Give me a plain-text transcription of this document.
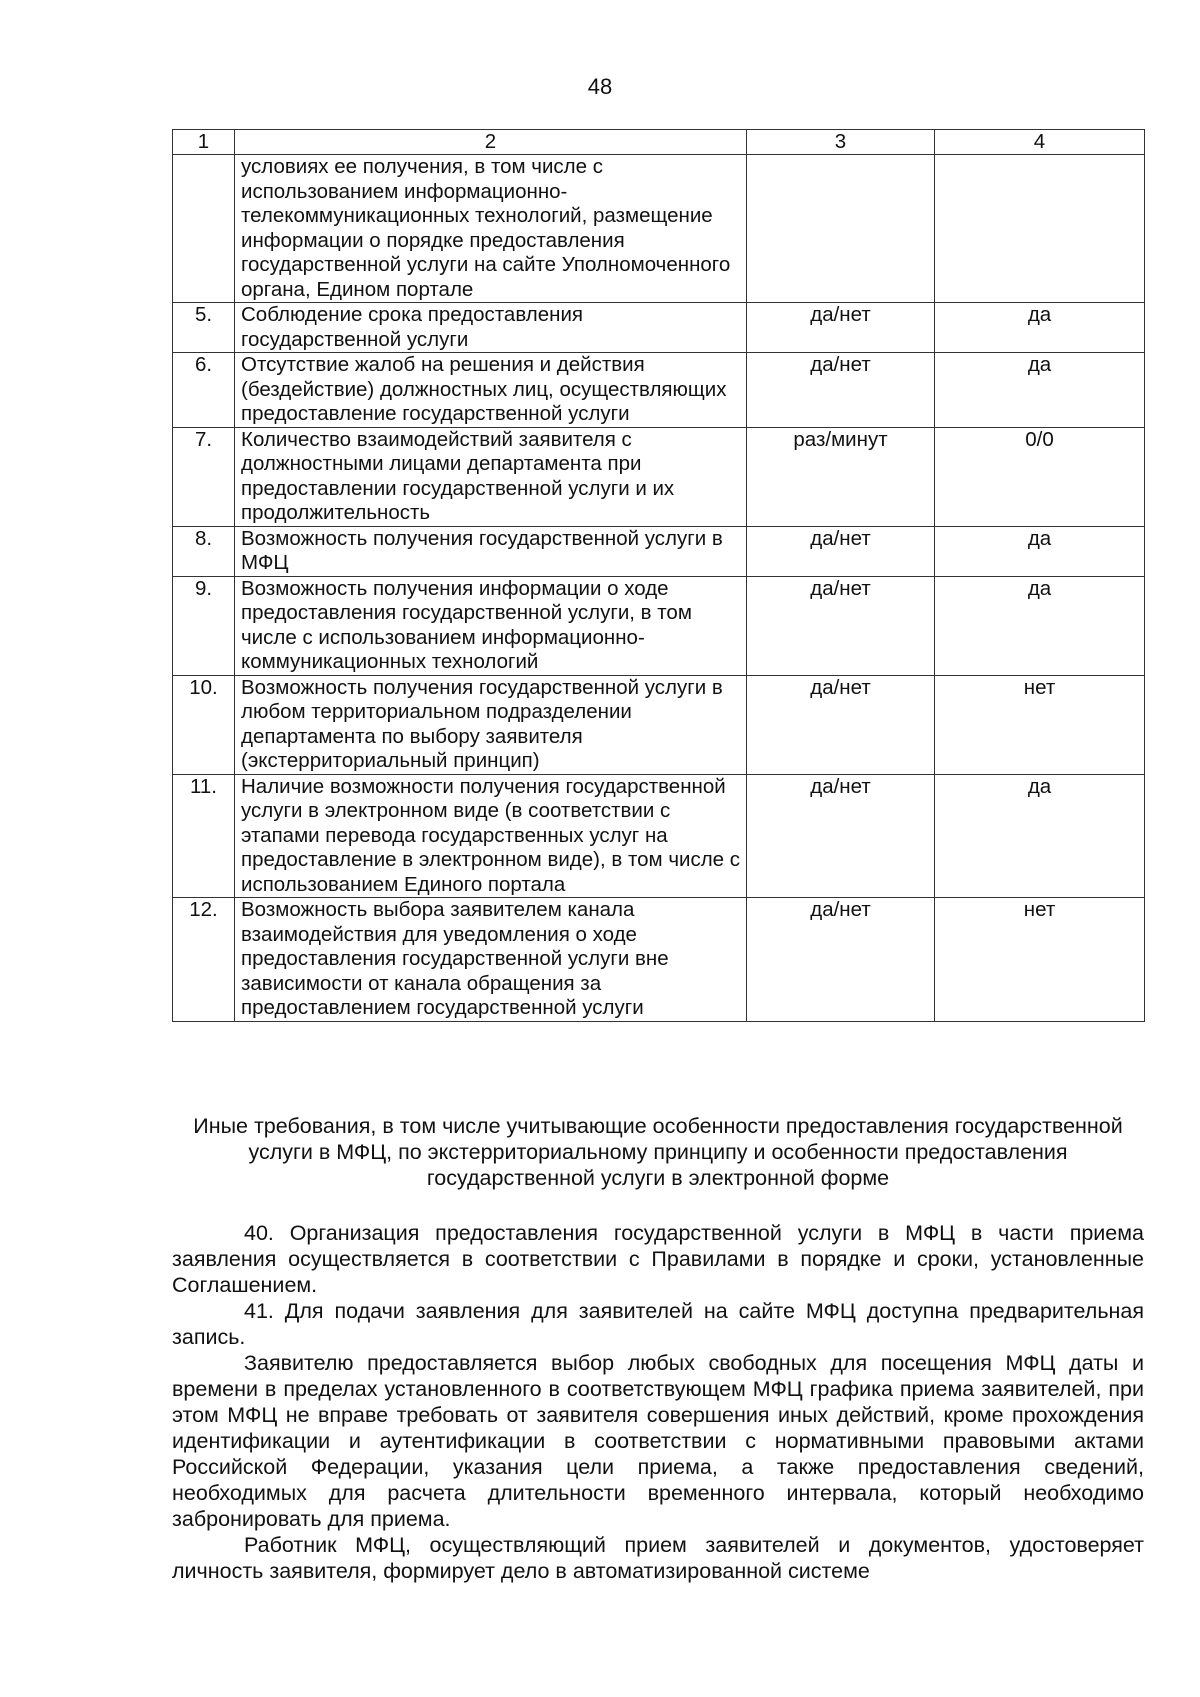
48
1	2	3	4
	условиях ее получения, в том числе с использованием информационно-телекоммуникационных технологий, размещение информации о порядке предоставления государственной услуги на сайте Уполномоченного органа, Едином портале		
5.	Соблюдение срока предоставления государственной услуги	да/нет	да
6.	Отсутствие жалоб на решения и действия (бездействие) должностных лиц, осуществляющих предоставление государственной услуги	да/нет	да
7.	Количество взаимодействий заявителя с должностными лицами департамента при предоставлении государственной услуги и их продолжительность	раз/минут	0/0
8.	Возможность получения государственной услуги в МФЦ	да/нет	да
9.	Возможность получения информации о ходе предоставления государственной услуги, в том числе с использованием информационно-коммуникационных технологий	да/нет	да
10.	Возможность получения государственной услуги в любом территориальном подразделении департамента по выбору заявителя (экстерриториальный принцип)	да/нет	нет
11.	Наличие возможности получения государственной услуги в электронном виде (в соответствии с этапами перевода государственных услуг на предоставление в электронном виде), в том числе с использованием Единого портала	да/нет	да
12.	Возможность выбора заявителем канала взаимодействия для уведомления о ходе предоставления государственной услуги вне зависимости от канала обращения за предоставлением государственной услуги	да/нет	нет
Иные требования, в том числе учитывающие особенности предоставления государственной услуги в МФЦ, по экстерриториальному принципу и особенности предоставления государственной услуги в электронной форме

40. Организация предоставления государственной услуги в МФЦ в части приема заявления осуществляется в соответствии с Правилами в порядке и сроки, установленные Соглашением.

41. Для подачи заявления для заявителей на сайте МФЦ доступна предварительная запись.

Заявителю предоставляется выбор любых свободных для посещения МФЦ даты и времени в пределах установленного в соответствующем МФЦ графика приема заявителей, при этом МФЦ не вправе требовать от заявителя совершения иных действий, кроме прохождения идентификации и аутентификации в соответствии с нормативными правовыми актами Российской Федерации, указания цели приема, а также предоставления сведений, необходимых для расчета длительности временного интервала, который необходимо забронировать для приема.

Работник МФЦ, осуществляющий прием заявителей и документов, удостоверяет личность заявителя, формирует дело в автоматизированной системе
